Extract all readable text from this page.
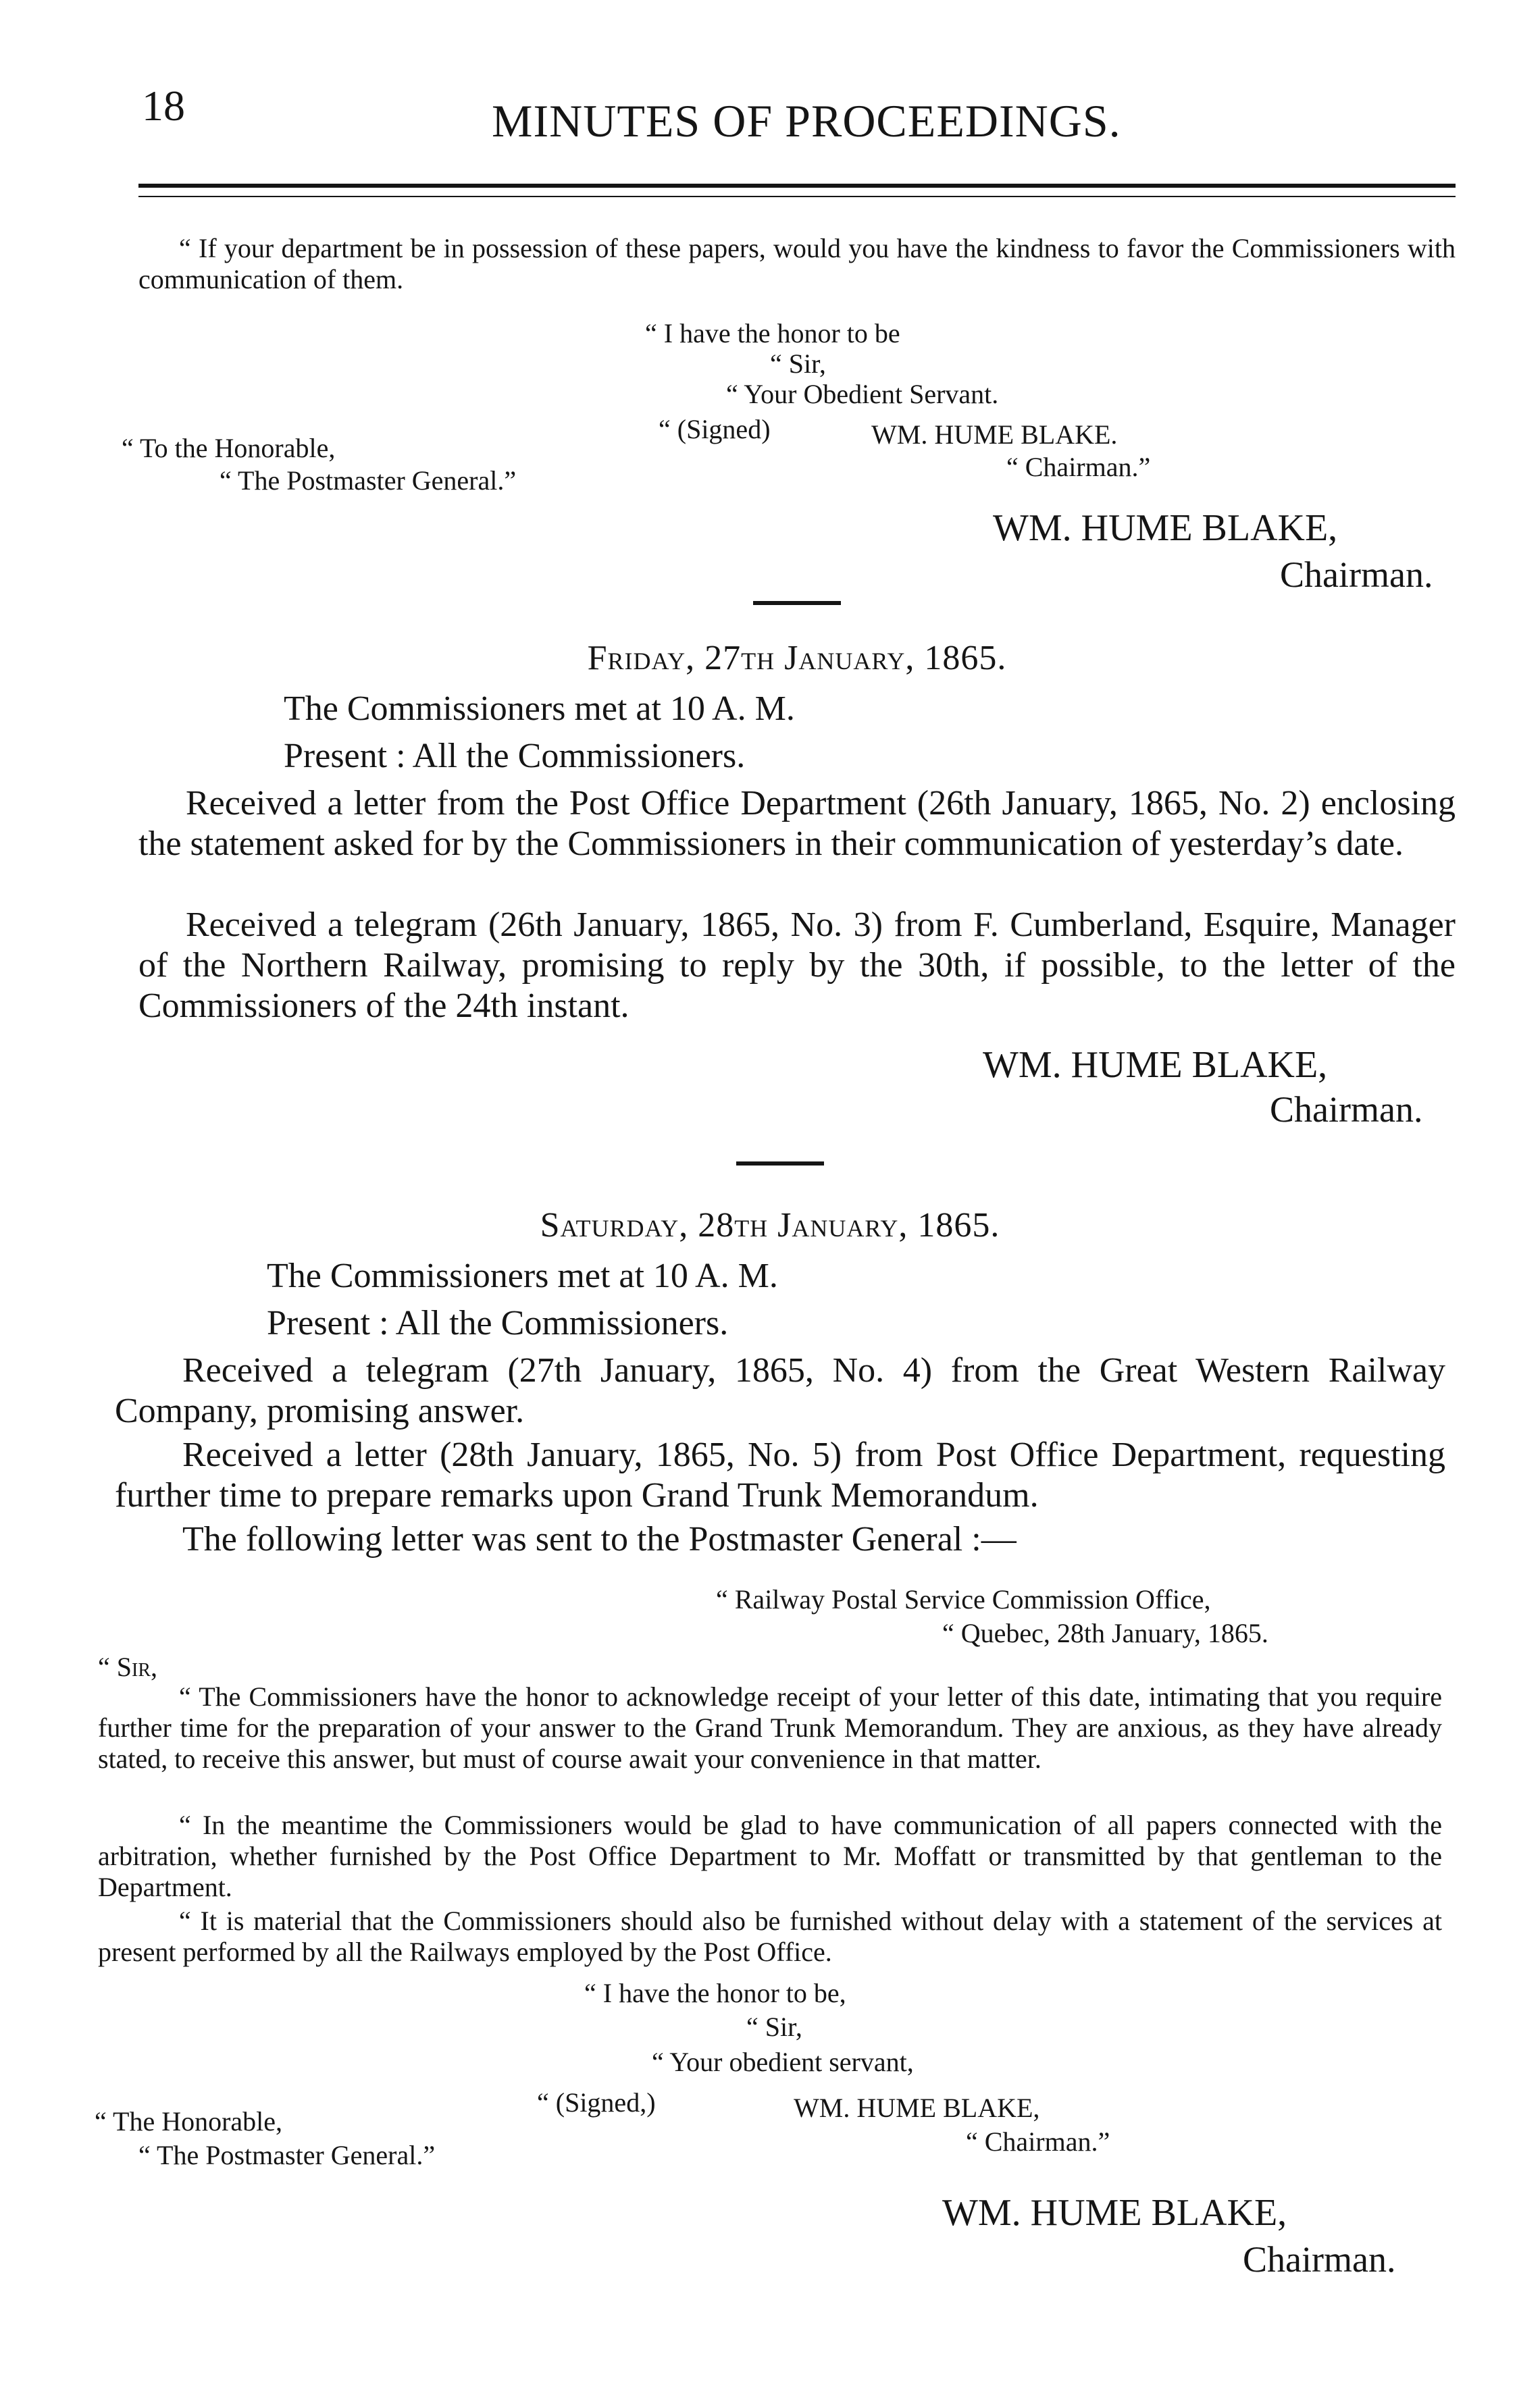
18	MINUTES OF PROCEEDINGS.
“ If your department be in possession of these papers, would you have the kindness to favor the Commissioners with communication of them.
“ I have the honor to be
“ Sir,
“ Your Obedient Servant.
“ (Signed)	WM. HUME BLAKE.
“ Chairman.”
“ To the Honorable,
“ The Postmaster General.”
WM. HUME BLAKE,
Chairman.
Friday, 27th January, 1865.
The Commissioners met at 10 A. M.
Present : All the Commissioners.
Received a letter from the Post Office Department (26th January, 1865, No. 2) enclosing the statement asked for by the Commissioners in their communication of yesterday’s date.
Received a telegram (26th January, 1865, No. 3) from F. Cumberland, Esquire, Manager of the Northern Railway, promising to reply by the 30th, if possible, to the letter of the Commissioners of the 24th instant.
WM. HUME BLAKE,
Chairman.
Saturday, 28th January, 1865.
The Commissioners met at 10 A. M.
Present : All the Commissioners.
Received a telegram (27th January, 1865, No. 4) from the Great Western Railway Company, promising answer.
Received a letter (28th January, 1865, No. 5) from Post Office Department, requesting further time to prepare remarks upon Grand Trunk Memorandum.
The following letter was sent to the Postmaster General :—
“ Railway Postal Service Commission Office,
“ Quebec, 28th January, 1865.
“ Sir,
“ The Commissioners have the honor to acknowledge receipt of your letter of this date, intimating that you require further time for the preparation of your answer to the Grand Trunk Memorandum. They are anxious, as they have already stated, to receive this answer, but must of course await your convenience in that matter.
“ In the meantime the Commissioners would be glad to have communication of all papers connected with the arbitration, whether furnished by the Post Office Department to Mr. Moffatt or transmitted by that gentleman to the Department.
“ It is material that the Commissioners should also be furnished without delay with a statement of the services at present performed by all the Railways employed by the Post Office.
“ I have the honor to be,
“ Sir,
“ Your obedient servant,
“ (Signed,)	WM. HUME BLAKE,
“ Chairman.”
“ The Honorable,
“ The Postmaster General.”
WM. HUME BLAKE,
Chairman.
